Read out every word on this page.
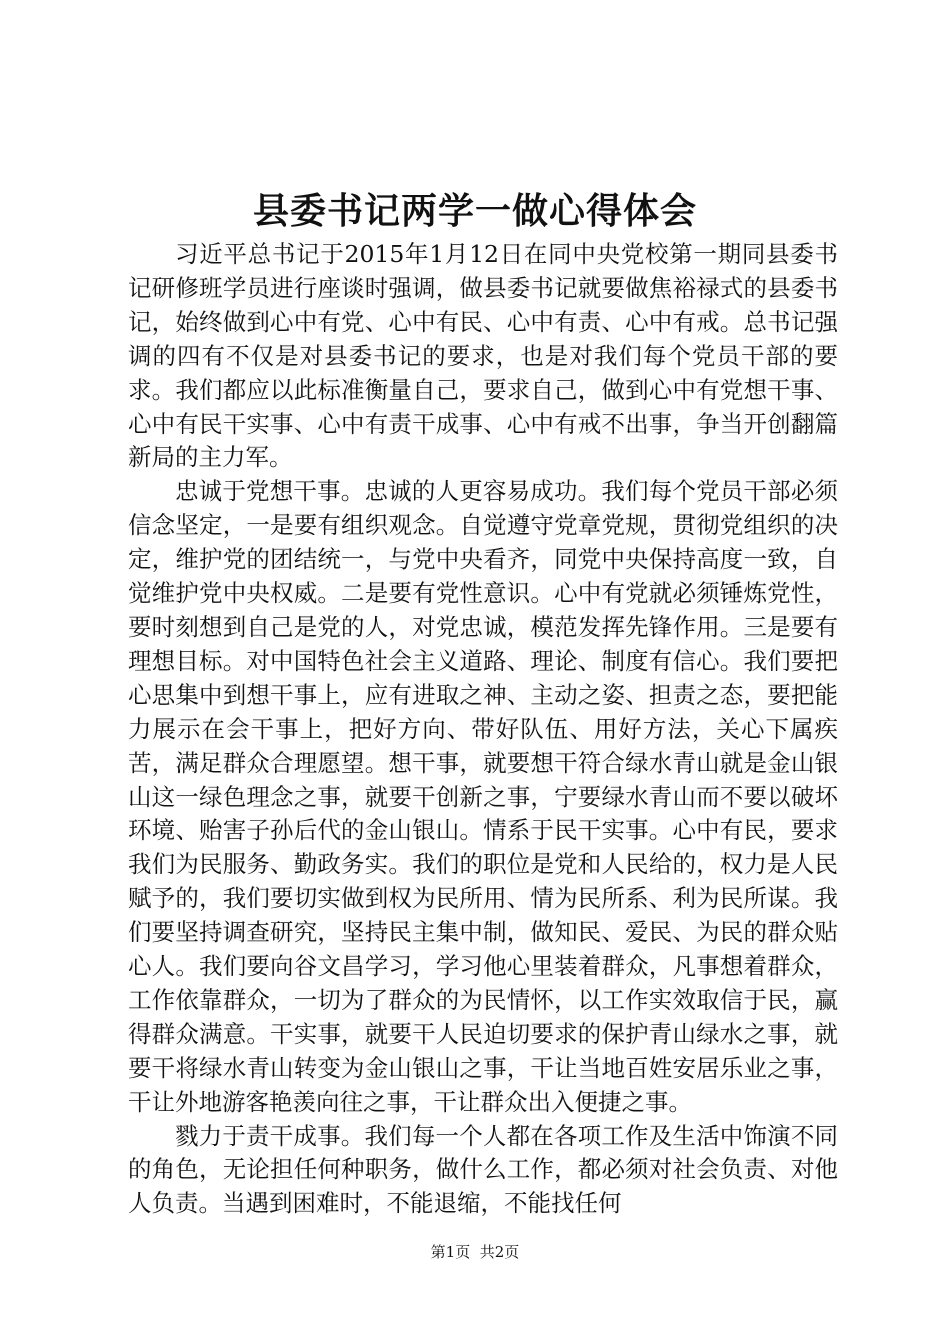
县委书记两学一做心得体会

习近平总书记于2015年1月12日在同中央党校第一期同县委书记研修班学员进行座谈时强调，做县委书记就要做焦裕禄式的县委书记，始终做到心中有党、心中有民、心中有责、心中有戒。总书记强调的四有不仅是对县委书记的要求，也是对我们每个党员干部的要求。我们都应以此标准衡量自己，要求自己，做到心中有党想干事、心中有民干实事、心中有责干成事、心中有戒不出事，争当开创翻篇新局的主力军。

忠诚于党想干事。忠诚的人更容易成功。我们每个党员干部必须信念坚定，一是要有组织观念。自觉遵守党章党规，贯彻党组织的决定，维护党的团结统一，与党中央看齐，同党中央保持高度一致，自觉维护党中央权威。二是要有党性意识。心中有党就必须锤炼党性，要时刻想到自己是党的人，对党忠诚，模范发挥先锋作用。三是要有理想目标。对中国特色社会主义道路、理论、制度有信心。我们要把心思集中到想干事上，应有进取之神、主动之姿、担责之态，要把能力展示在会干事上，把好方向、带好队伍、用好方法，关心下属疾苦，满足群众合理愿望。想干事，就要想干符合绿水青山就是金山银山这一绿色理念之事，就要干创新之事，宁要绿水青山而不要以破坏环境、贻害子孙后代的金山银山。情系于民干实事。心中有民，要求我们为民服务、勤政务实。我们的职位是党和人民给的，权力是人民赋予的，我们要切实做到权为民所用、情为民所系、利为民所谋。我们要坚持调查研究，坚持民主集中制，做知民、爱民、为民的群众贴心人。我们要向谷文昌学习，学习他心里装着群众，凡事想着群众，工作依靠群众，一切为了群众的为民情怀，以工作实效取信于民，赢得群众满意。干实事，就要干人民迫切要求的保护青山绿水之事，就要干将绿水青山转变为金山银山之事，干让当地百姓安居乐业之事，干让外地游客艳羡向往之事，干让群众出入便捷之事。

戮力于责干成事。我们每一个人都在各项工作及生活中饰演不同的角色，无论担任何种职务，做什么工作，都必须对社会负责、对他人负责。当遇到困难时，不能退缩，不能找任何

第1页 共2页
